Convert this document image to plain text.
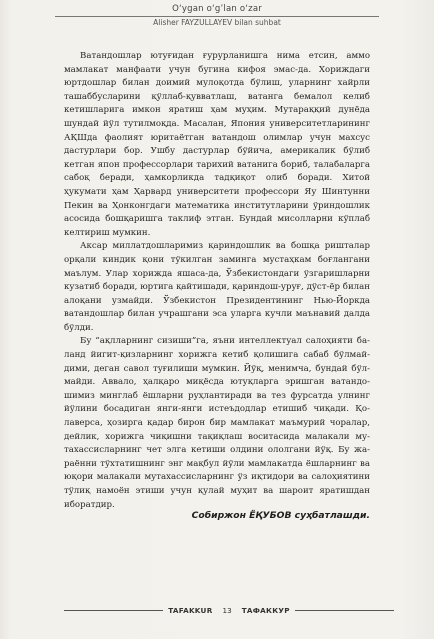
O‘ygan o‘gʼlan o‘zar
Alisher FAYZULLAYEV bilan suhbat

Ватандошлар ютуғидан ғурурланишга нима етсин, аммо мамлакат манфаати учун бугина кифоя эмас-да. Хориждаги юртдошлар билан доимий мулоқотда бўлиш, уларнинг хайрли ташаббусларини қўллаб-қувватлаш, ватанга бемалол келиб кетишларига имкон яратиш ҳам муҳим. Мутараққий дунёда шундай йўл тутилмоқда. Масалан, Япония университетларининг АҚШда фаолият юритаётган ватандош олимлар учун махсус дастурлари бор. Ушбу дастурлар бўйича, америкалик бўлиб кетган япон профессорлари тарихий ватанига бориб, талабаларга сабоқ беради, ҳамкорликда тадқиқот олиб боради. Хитой ҳукумати ҳам Ҳарвард университети профессори Яу Шинтунни Пекин ва Ҳонконгдаги математика институтларини ўриндошлик асосида бошқаришга таклиф этган. Бундай мисолларни кўплаб келтириш мумкин.

Аксар миллатдошларимиз қариндошлик ва бошқа ришталар орқали киндик қони тўкилган заминга мустаҳкам боғлангани маълум. Улар хорижда яшаса-да, Ўзбекистондаги ўзгаришларни кузатиб боради, юртига қайтишади, қариндош-уруғ, дўст-ёр билан алоқани узмайди. Ўзбекистон Президентининг Нью-Йоркда ватандошлар билан учрашгани эса уларга кучли маънавий далда бўлди.

Бу “ақлларнинг сизиши”га, яъни интеллектуал салоҳияти баланд йигит-қизларнинг хорижга кетиб қолишига сабаб бўлмайдими, деган савол туғилиши мумкин. Йўқ, менимча, бундай бўлмайди. Аввало, ҳалқаро миқёсда ютуқларга эришган ватандошимиз минглаб ёшларни руҳлантиради ва тез фурсатда улнинг йўлини босадиган янги-янги истеъдодлар етишиб чиқади. Қолаверса, ҳозирга қадар бирон бир мамлакат маъмурий чоралар, дейлик, хорижга чиқишни тақиқлаш воситасида малакали мутахассисларнинг чет элга кетиши олдини ололгани йўқ. Бу жараённи тўхтатишнинг энг мақбул йўли мамлакатда ёшларнинг ва юқори малакали мутахассисларнинг ўз иқтидори ва салоҳиятини тўлиқ намоён этиши учун қулай муҳит ва шароит яратишдан иборатдир.

Собиржон ЁҚУБОВ суҳбатлашди.
TAFAKKUR	13	ТАФАККУР
